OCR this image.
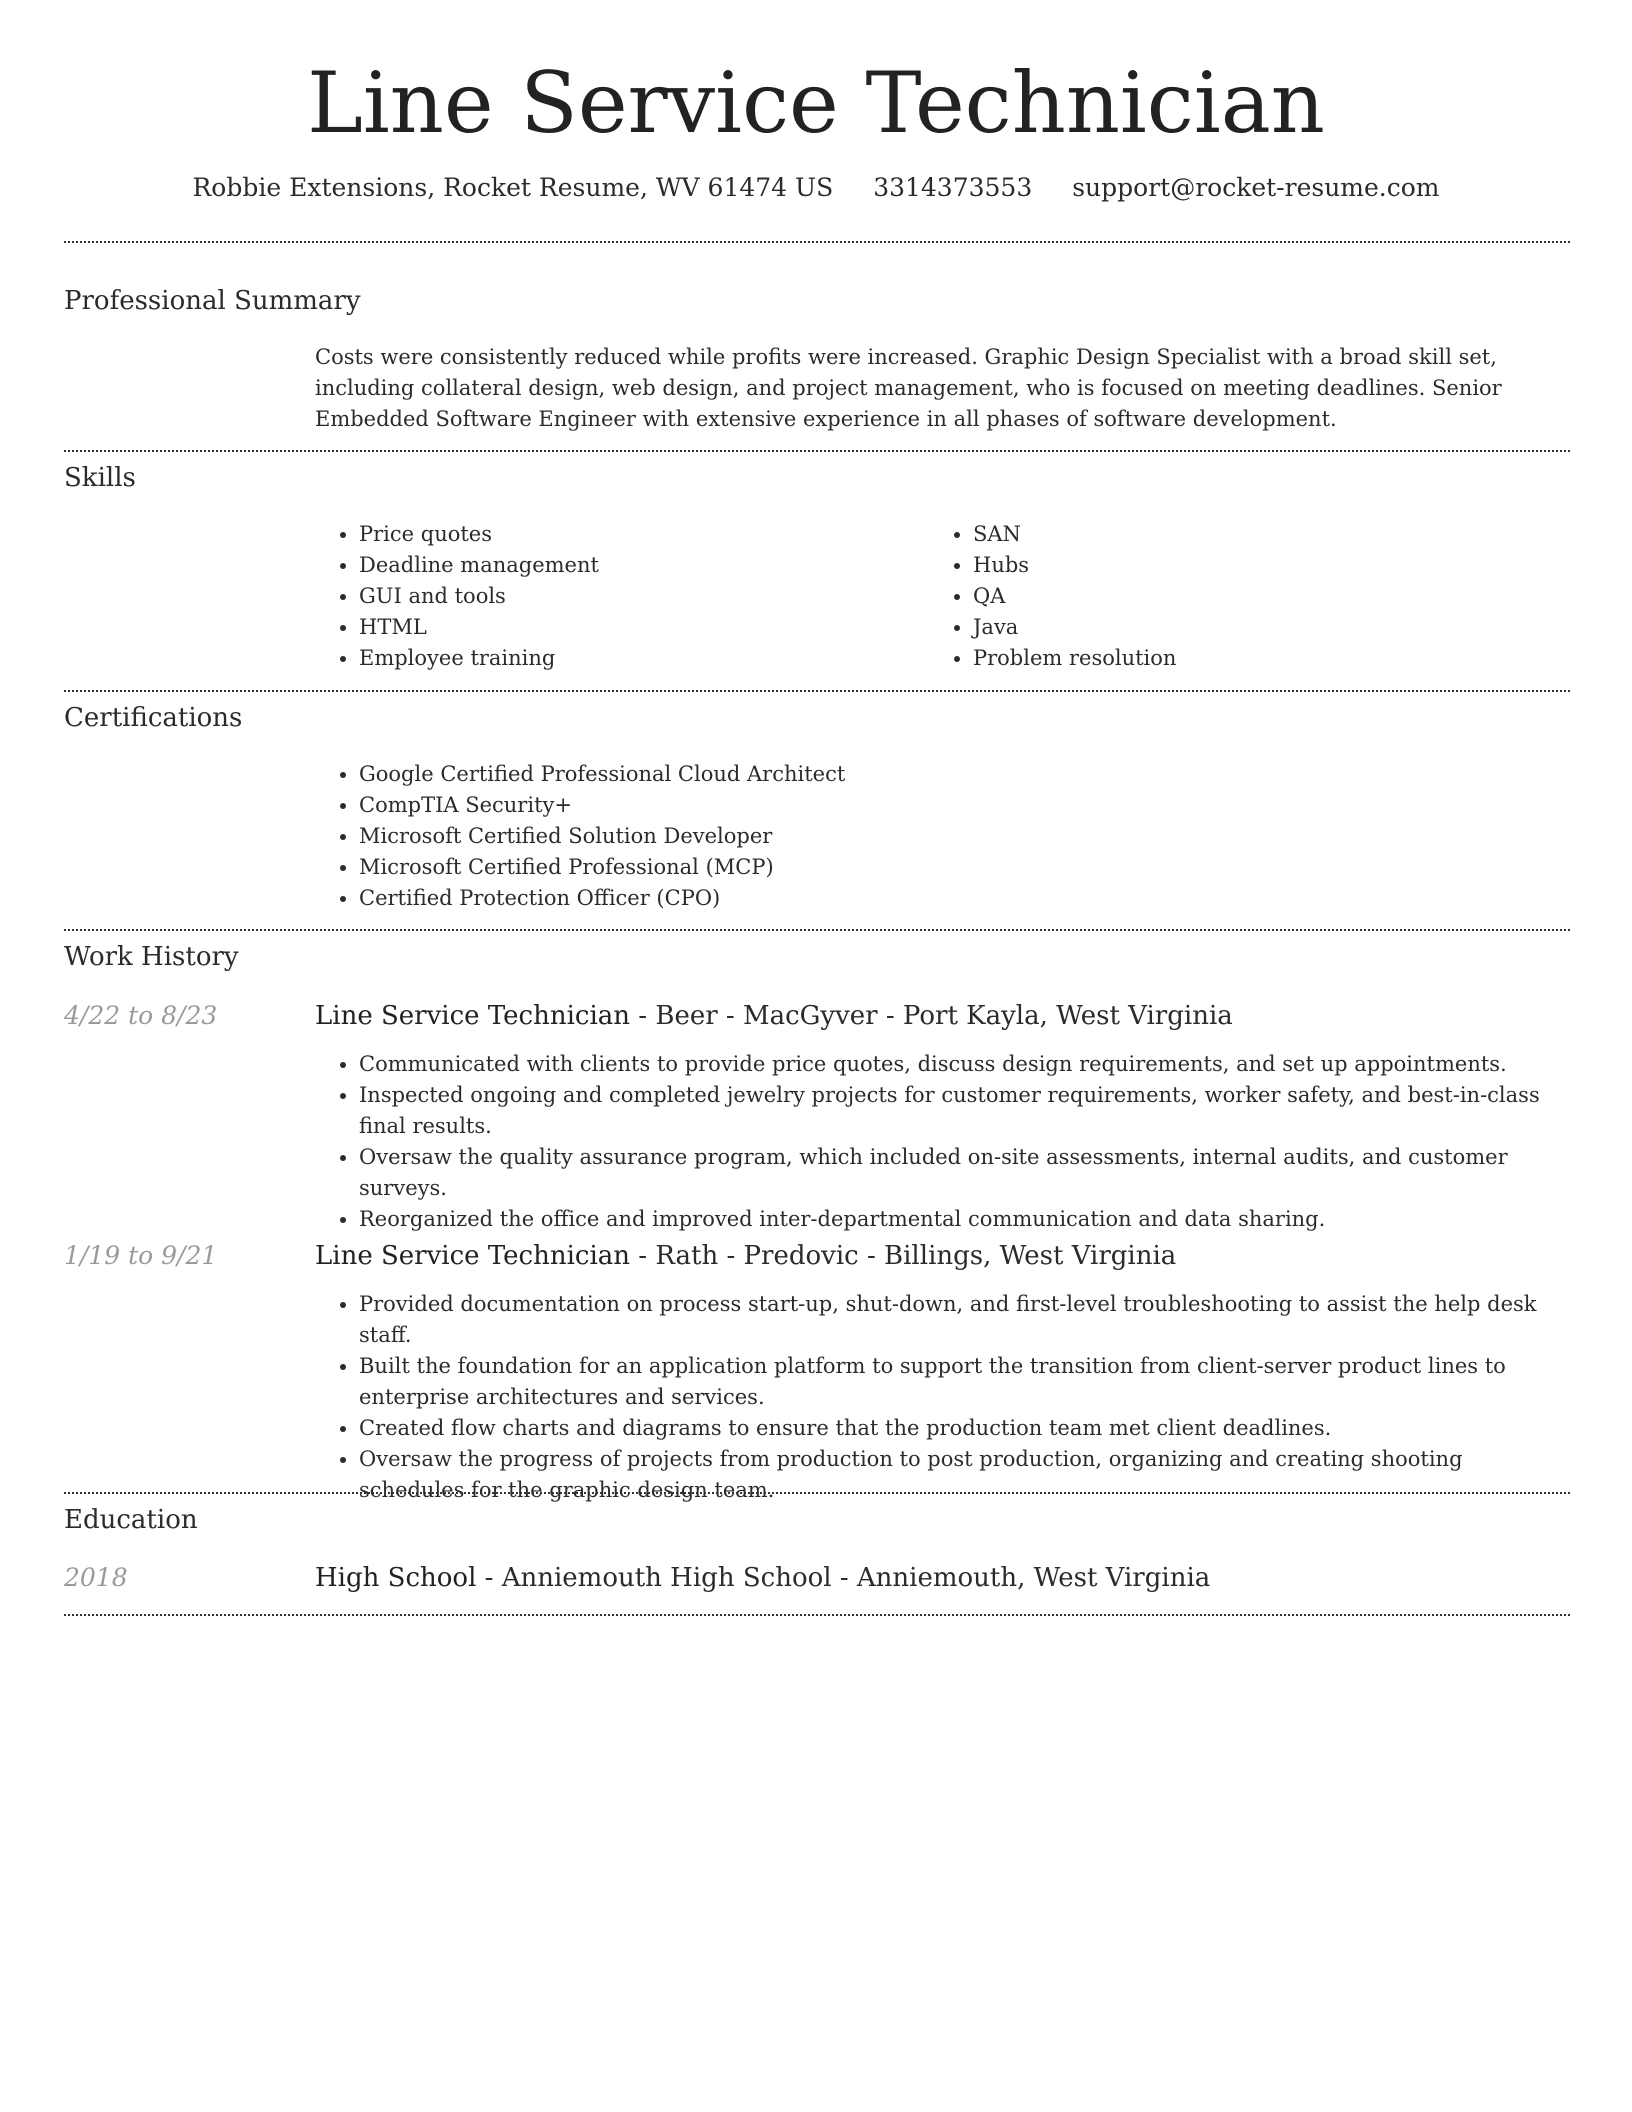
Line Service Technician
Robbie Extensions, Rocket Resume, WV 61474 US 3314373553 support@rocket-resume.com
Professional Summary

Costs were consistently reduced while profits were increased. Graphic Design Specialist with a broad skill set, including collateral design, web design, and project management, who is focused on meeting deadlines. Senior Embedded Software Engineer with extensive experience in all phases of software development.

Skills
• Price quotes
• Deadline management
• GUI and tools
• HTML
• Employee training
• SAN
• Hubs
• QA
• Java
• Problem resolution
Certifications
• Google Certified Professional Cloud Architect
• CompTIA Security+
• Microsoft Certified Solution Developer
• Microsoft Certified Professional (MCP)
• Certified Protection Officer (CPO)
Work History
4/22 to 8/23	Line Service Technician - Beer - MacGyver - Port Kayla, West Virginia
• Communicated with clients to provide price quotes, discuss design requirements, and set up appointments.
• Inspected ongoing and completed jewelry projects for customer requirements, worker safety, and best-in-class final results.
• Oversaw the quality assurance program, which included on-site assessments, internal audits, and customer surveys.
• Reorganized the office and improved inter-departmental communication and data sharing.
1/19 to 9/21	Line Service Technician - Rath - Predovic - Billings, West Virginia
• Provided documentation on process start-up, shut-down, and first-level troubleshooting to assist the help desk staff.
• Built the foundation for an application platform to support the transition from client-server product lines to enterprise architectures and services.
• Created flow charts and diagrams to ensure that the production team met client deadlines.
• Oversaw the progress of projects from production to post production, organizing and creating shooting schedules for the graphic design team.
Education
2018	High School - Anniemouth High School - Anniemouth, West Virginia
